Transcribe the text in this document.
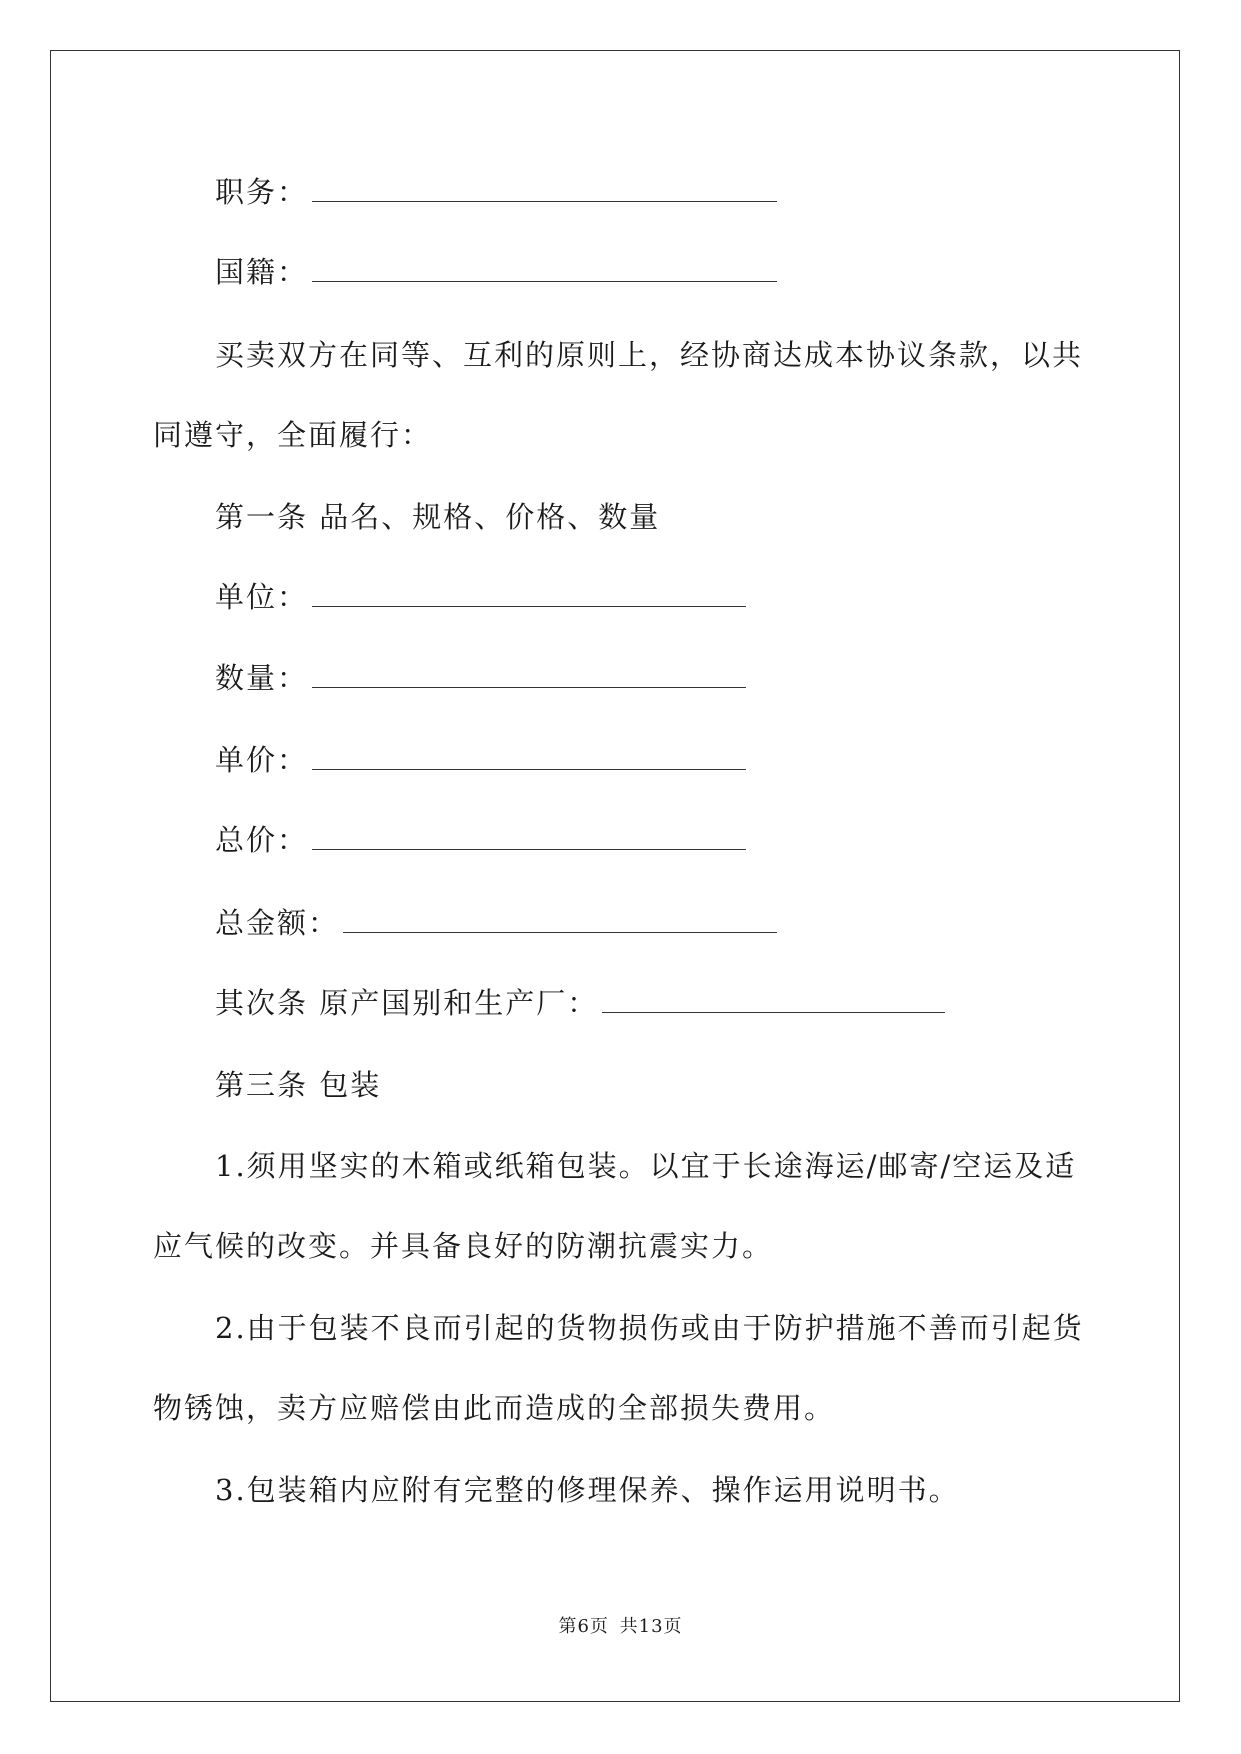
职务：
国籍：
买卖双方在同等、互利的原则上，经协商达成本协议条款，以共
同遵守，全面履行：
第一条 品名、规格、价格、数量
单位：
数量：
单价：
总价：
总金额：
其次条 原产国别和生产厂：
第三条 包装
1.须用坚实的木箱或纸箱包装。以宜于长途海运/邮寄/空运及适
应气候的改变。并具备良好的防潮抗震实力。
2.由于包装不良而引起的货物损伤或由于防护措施不善而引起货
物锈蚀，卖方应赔偿由此而造成的全部损失费用。
3.包装箱内应附有完整的修理保养、操作运用说明书。
第6页 共13页
